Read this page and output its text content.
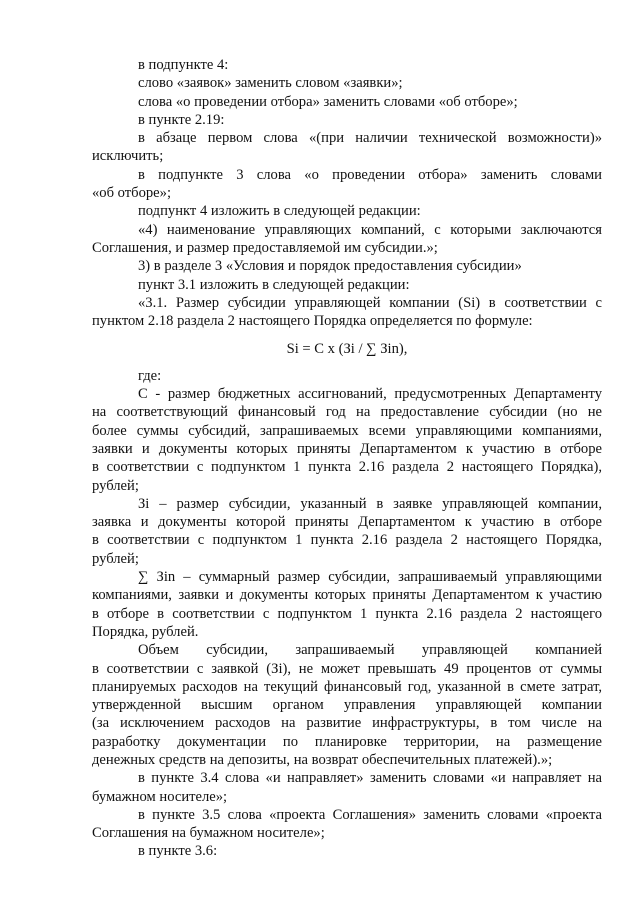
в подпункте 4:
слово «заявок» заменить словом «заявки»;
слова «о проведении отбора» заменить словами «об отборе»;
в пункте 2.19:
в абзаце первом слова «(при наличии технической возможности)»
исключить;
в подпункте 3 слова «о проведении отбора» заменить словами
«об отборе»;
подпункт 4 изложить в следующей редакции:
«4) наименование управляющих компаний, с которыми заключаются
Соглашения, и размер предоставляемой им субсидии.»;
3) в разделе 3 «Условия и порядок предоставления субсидии»
пункт 3.1 изложить в следующей редакции:
«3.1. Размер субсидии управляющей компании (Si) в соответствии с
пунктом 2.18 раздела 2 настоящего Порядка определяется по формуле:
Si = C x (Зi / ∑ Зin),
где:
C - размер бюджетных ассигнований, предусмотренных Департаменту
на соответствующий финансовый год на предоставление субсидии (но не
более суммы субсидий, запрашиваемых всеми управляющими компаниями,
заявки и документы которых приняты Департаментом к участию в отборе
в соответствии с подпунктом 1 пункта 2.16 раздела 2 настоящего Порядка),
рублей;
Зi – размер субсидии, указанный в заявке управляющей компании,
заявка и документы которой приняты Департаментом к участию в отборе
в соответствии с подпунктом 1 пункта 2.16 раздела 2 настоящего Порядка,
рублей;
∑ Зin – суммарный размер субсидии, запрашиваемый управляющими
компаниями, заявки и документы которых приняты Департаментом к участию
в отборе в соответствии с подпунктом 1 пункта 2.16 раздела 2 настоящего
Порядка, рублей.
Объем субсидии, запрашиваемый управляющей компанией
в соответствии с заявкой (Зi), не может превышать 49 процентов от суммы
планируемых расходов на текущий финансовый год, указанной в смете затрат,
утвержденной высшим органом управления управляющей компании
(за исключением расходов на развитие инфраструктуры, в том числе на
разработку документации по планировке территории, на размещение
денежных средств на депозиты, на возврат обеспечительных платежей).»;
в пункте 3.4 слова «и направляет» заменить словами «и направляет на
бумажном носителе»;
в пункте 3.5 слова «проекта Соглашения» заменить словами «проекта
Соглашения на бумажном носителе»;
в пункте 3.6:
